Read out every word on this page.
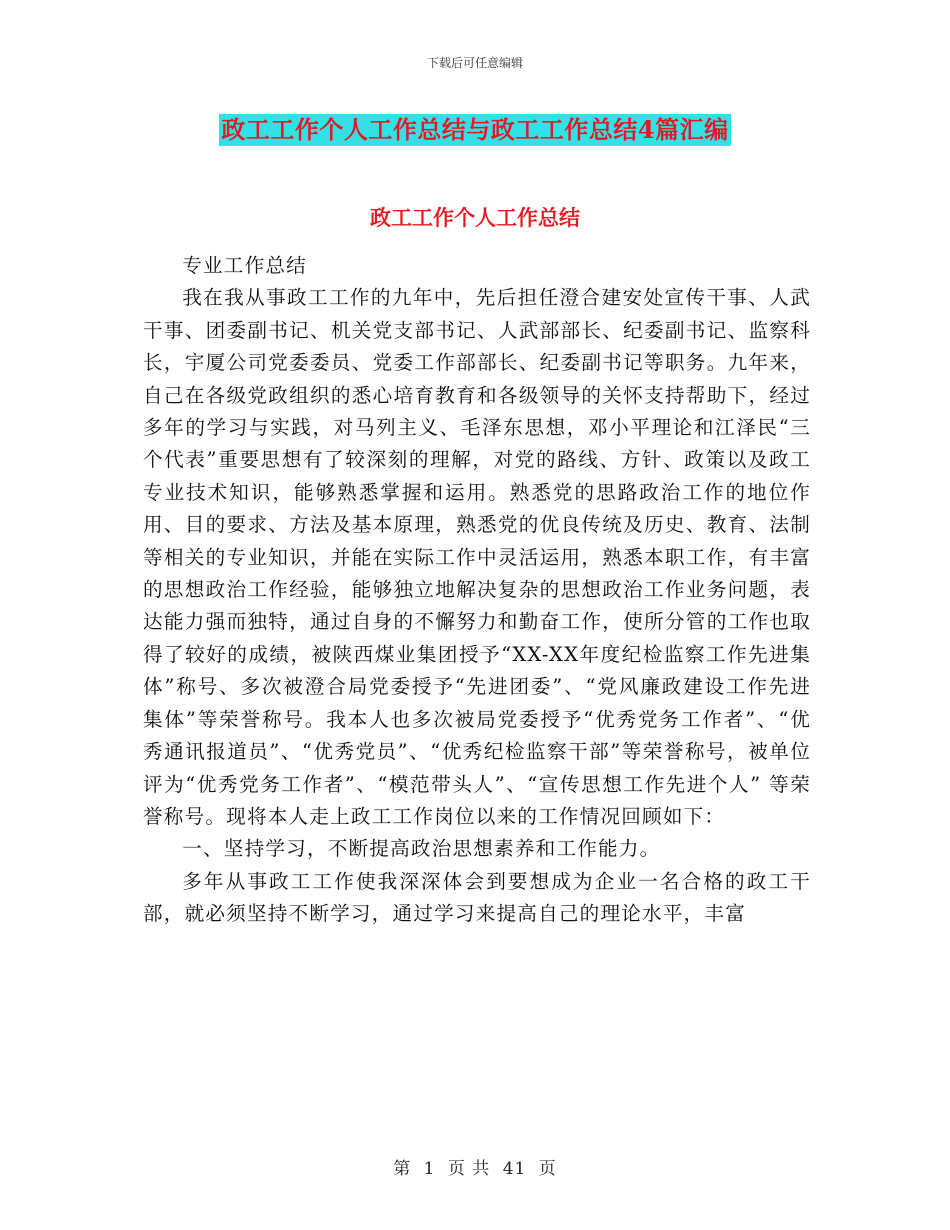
下载后可任意编辑
政工工作个人工作总结与政工工作总结4篇汇编
政工工作个人工作总结

专业工作总结

我在我从事政工工作的九年中，先后担任澄合建安处宣传干事、人武干事、团委副书记、机关党支部书记、人武部部长、纪委副书记、监察科长，宇厦公司党委委员、党委工作部部长、纪委副书记等职务。九年来，自己在各级党政组织的悉心培育教育和各级领导的关怀支持帮助下，经过多年的学习与实践，对马列主义、毛泽东思想，邓小平理论和江泽民“三个代表”重要思想有了较深刻的理解，对党的路线、方针、政策以及政工专业技术知识，能够熟悉掌握和运用。熟悉党的思路政治工作的地位作用、目的要求、方法及基本原理，熟悉党的优良传统及历史、教育、法制等相关的专业知识，并能在实际工作中灵活运用，熟悉本职工作，有丰富的思想政治工作经验，能够独立地解决复杂的思想政治工作业务问题，表达能力强而独特，通过自身的不懈努力和勤奋工作，使所分管的工作也取得了较好的成绩，被陕西煤业集团授予“XX-XX年度纪检监察工作先进集体”称号、多次被澄合局党委授予“先进团委”、“党风廉政建设工作先进集体”等荣誉称号。我本人也多次被局党委授予“优秀党务工作者”、“优秀通讯报道员”、“优秀党员”、“优秀纪检监察干部”等荣誉称号，被单位评为“优秀党务工作者”、“模范带头人”、“宣传思想工作先进个人” 等荣誉称号。现将本人走上政工工作岗位以来的工作情况回顾如下：

一、坚持学习，不断提高政治思想素养和工作能力。

多年从事政工工作使我深深体会到要想成为企业一名合格的政工干部，就必须坚持不断学习，通过学习来提高自己的理论水平，丰富

第 1 页 共 41 页
